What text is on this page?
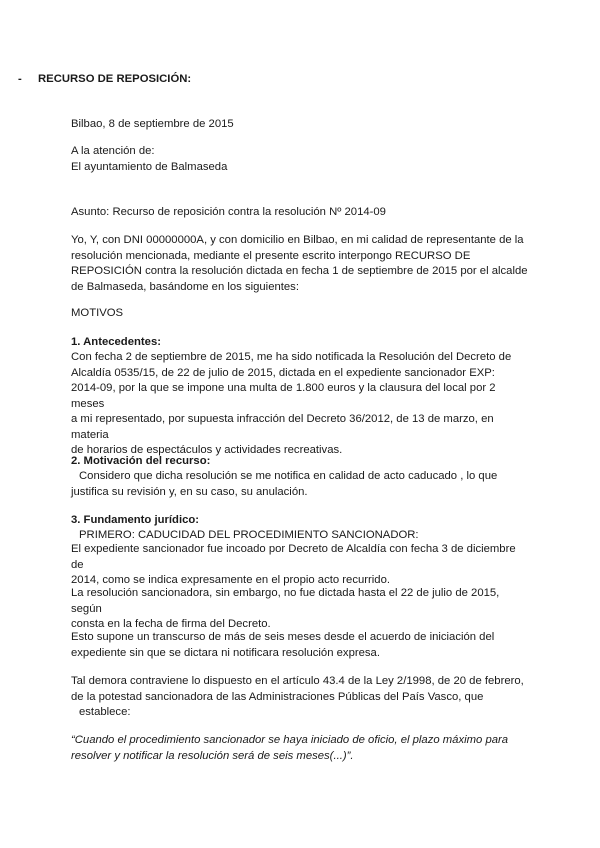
- RECURSO DE REPOSICIÓN:

Bilbao, 8 de septiembre de 2015

A la atención de:

El ayuntamiento de Balmaseda

Asunto: Recurso de reposición contra la resolución Nº 2014-09

Yo, Y, con DNI 00000000A, y con domicilio en Bilbao, en mi calidad de representante de la

resolución mencionada, mediante el presente escrito interpongo RECURSO DE

REPOSICIÓN contra la resolución dictada en fecha 1 de septiembre de 2015 por el alcalde

de Balmaseda, basándome en los siguientes:

MOTIVOS

1. Antecedentes:

Con fecha 2 de septiembre de 2015, me ha sido notificada la Resolución del Decreto de

Alcaldía 0535/15, de 22 de julio de 2015, dictada en el expediente sancionador EXP:

2014-09, por la que se impone una multa de 1.800 euros y la clausura del local por 2 meses

a mi representado, por supuesta infracción del Decreto 36/2012, de 13 de marzo, en materia

de horarios de espectáculos y actividades recreativas.

2. Motivación del recurso:

Considero que dicha resolución se me notifica en calidad de acto caducado , lo que

justifica su revisión y, en su caso, su anulación.

3. Fundamento jurídico:

PRIMERO: CADUCIDAD DEL PROCEDIMIENTO SANCIONADOR:

El expediente sancionador fue incoado por Decreto de Alcaldía con fecha 3 de diciembre de

2014, como se indica expresamente en el propio acto recurrido.

La resolución sancionadora, sin embargo, no fue dictada hasta el 22 de julio de 2015, según

consta en la fecha de firma del Decreto.

Esto supone un transcurso de más de seis meses desde el acuerdo de iniciación del

expediente sin que se dictara ni notificara resolución expresa.

Tal demora contraviene lo dispuesto en el artículo 43.4 de la Ley 2/1998, de 20 de febrero,

de la potestad sancionadora de las Administraciones Públicas del País Vasco, que

establece:

“Cuando el procedimiento sancionador se haya iniciado de oficio, el plazo máximo para

resolver y notificar la resolución será de seis meses(...)”.
